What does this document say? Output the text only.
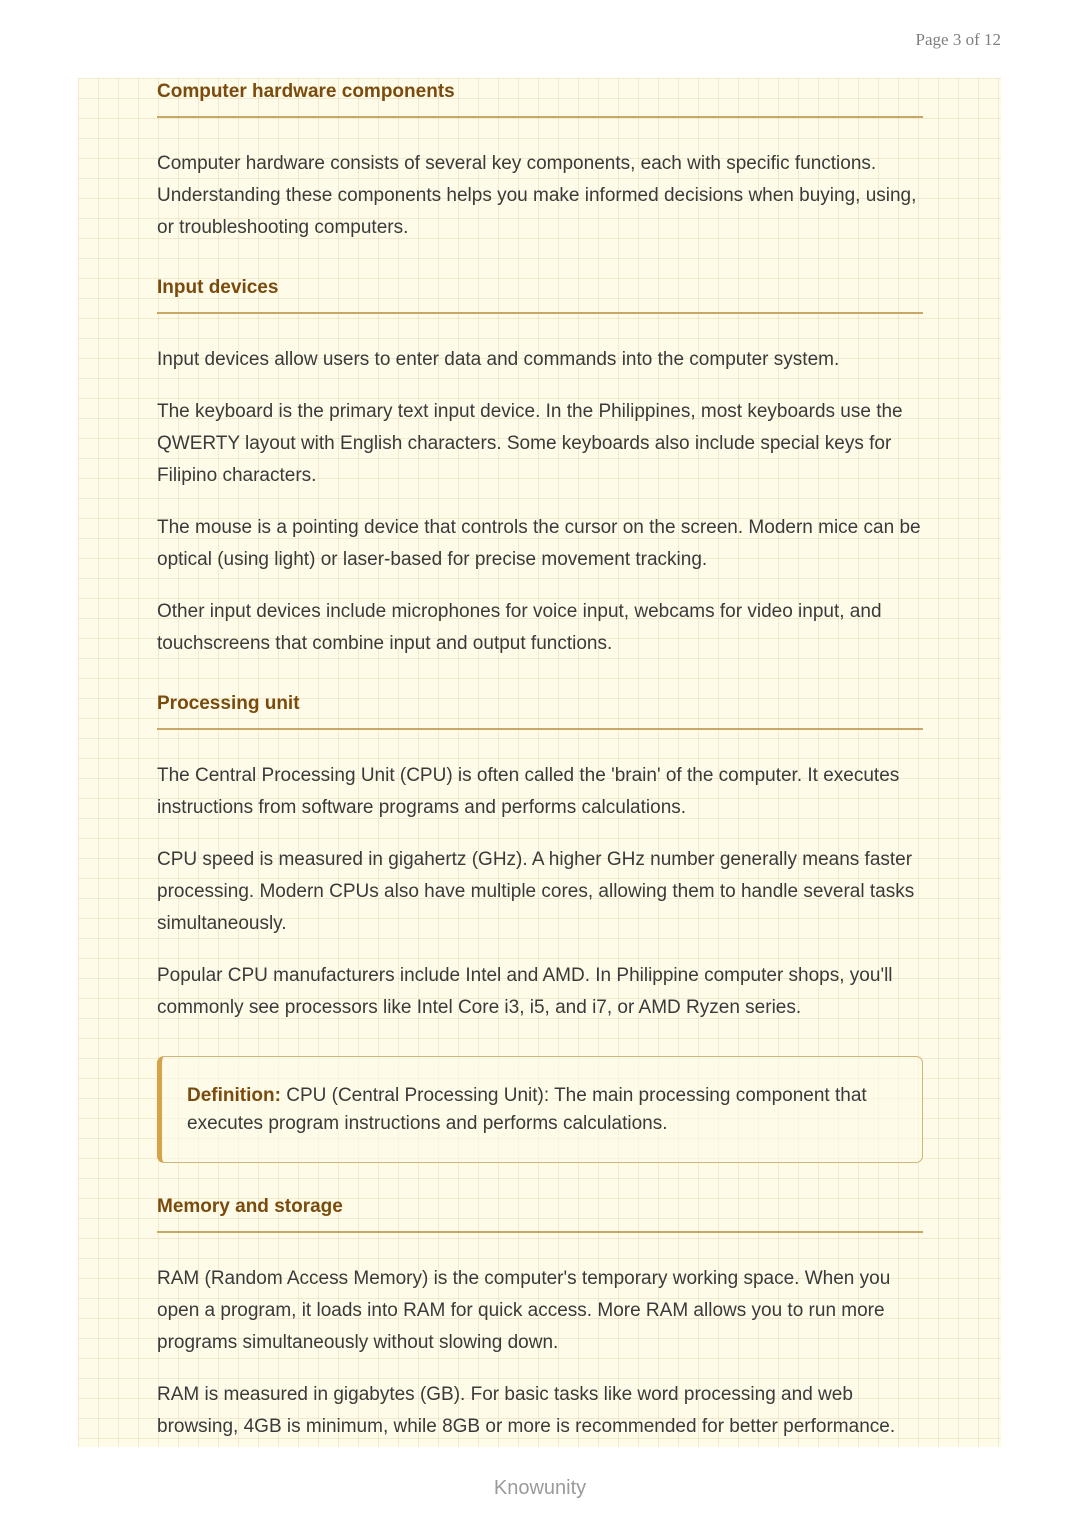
Page 3 of 12
Computer hardware components

Computer hardware consists of several key components, each with specific functions. Understanding these components helps you make informed decisions when buying, using, or troubleshooting computers.

Input devices

Input devices allow users to enter data and commands into the computer system.

The keyboard is the primary text input device. In the Philippines, most keyboards use the QWERTY layout with English characters. Some keyboards also include special keys for Filipino characters.

The mouse is a pointing device that controls the cursor on the screen. Modern mice can be optical (using light) or laser-based for precise movement tracking.

Other input devices include microphones for voice input, webcams for video input, and touchscreens that combine input and output functions.

Processing unit

The Central Processing Unit (CPU) is often called the 'brain' of the computer. It executes instructions from software programs and performs calculations.

CPU speed is measured in gigahertz (GHz). A higher GHz number generally means faster processing. Modern CPUs also have multiple cores, allowing them to handle several tasks simultaneously.

Popular CPU manufacturers include Intel and AMD. In Philippine computer shops, you'll commonly see processors like Intel Core i3, i5, and i7, or AMD Ryzen series.

Definition: CPU (Central Processing Unit): The main processing component that executes program instructions and performs calculations.
Memory and storage

RAM (Random Access Memory) is the computer's temporary working space. When you open a program, it loads into RAM for quick access. More RAM allows you to run more programs simultaneously without slowing down.

RAM is measured in gigabytes (GB). For basic tasks like word processing and web browsing, 4GB is minimum, while 8GB or more is recommended for better performance.

Knowunity
